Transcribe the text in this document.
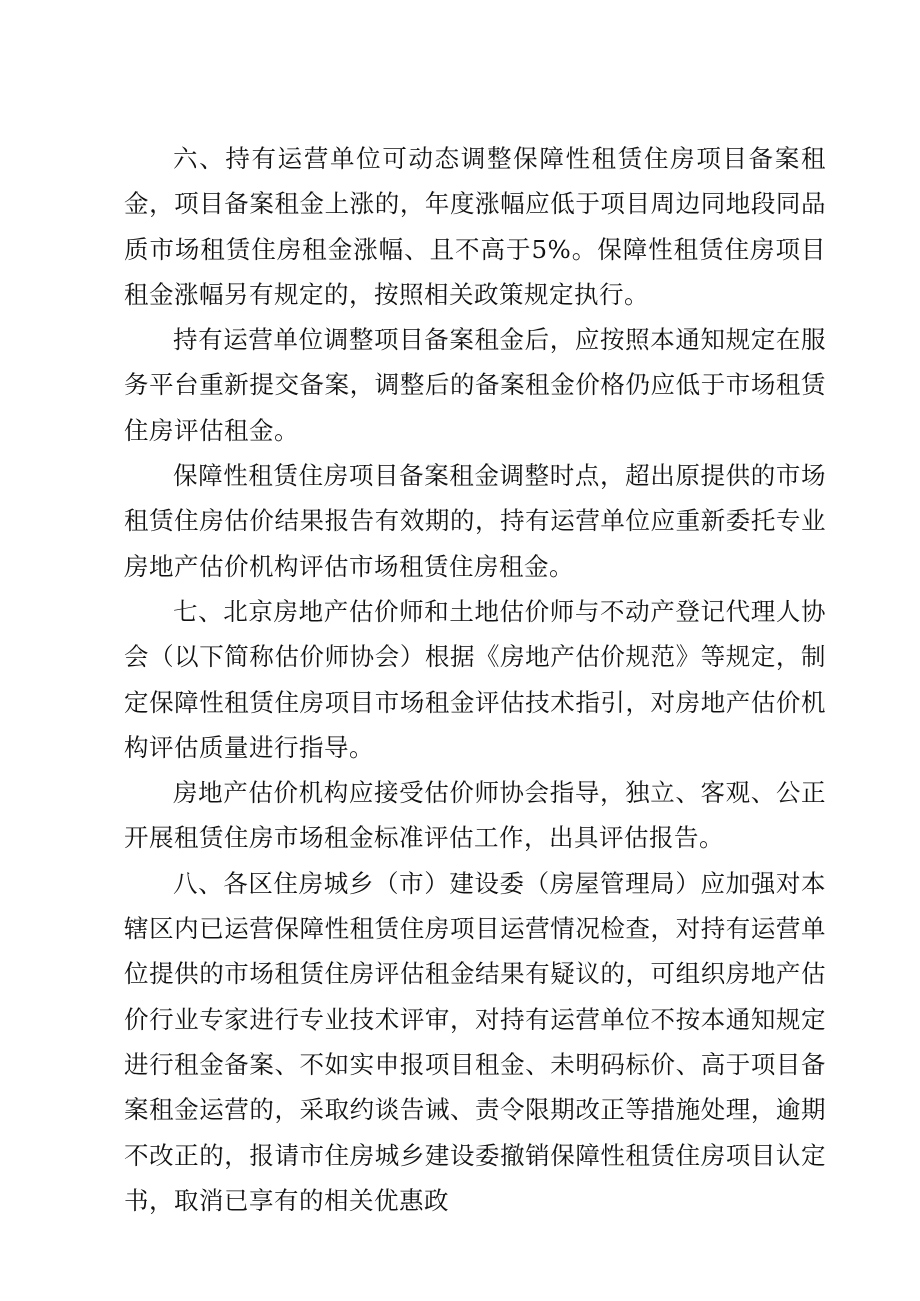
六、持有运营单位可动态调整保障性租赁住房项目备案租金，项目备案租金上涨的，年度涨幅应低于项目周边同地段同品质市场租赁住房租金涨幅、且不高于5%。保障性租赁住房项目租金涨幅另有规定的，按照相关政策规定执行。

持有运营单位调整项目备案租金后，应按照本通知规定在服务平台重新提交备案，调整后的备案租金价格仍应低于市场租赁住房评估租金。

保障性租赁住房项目备案租金调整时点，超出原提供的市场租赁住房估价结果报告有效期的，持有运营单位应重新委托专业房地产估价机构评估市场租赁住房租金。

七、北京房地产估价师和土地估价师与不动产登记代理人协会（以下简称估价师协会）根据《房地产估价规范》等规定，制定保障性租赁住房项目市场租金评估技术指引，对房地产估价机构评估质量进行指导。

房地产估价机构应接受估价师协会指导，独立、客观、公正开展租赁住房市场租金标准评估工作，出具评估报告。

八、各区住房城乡（市）建设委（房屋管理局）应加强对本辖区内已运营保障性租赁住房项目运营情况检查，对持有运营单位提供的市场租赁住房评估租金结果有疑议的，可组织房地产估价行业专家进行专业技术评审，对持有运营单位不按本通知规定进行租金备案、不如实申报项目租金、未明码标价、高于项目备案租金运营的，采取约谈告诫、责令限期改正等措施处理，逾期不改正的，报请市住房城乡建设委撤销保障性租赁住房项目认定书，取消已享有的相关优惠政
